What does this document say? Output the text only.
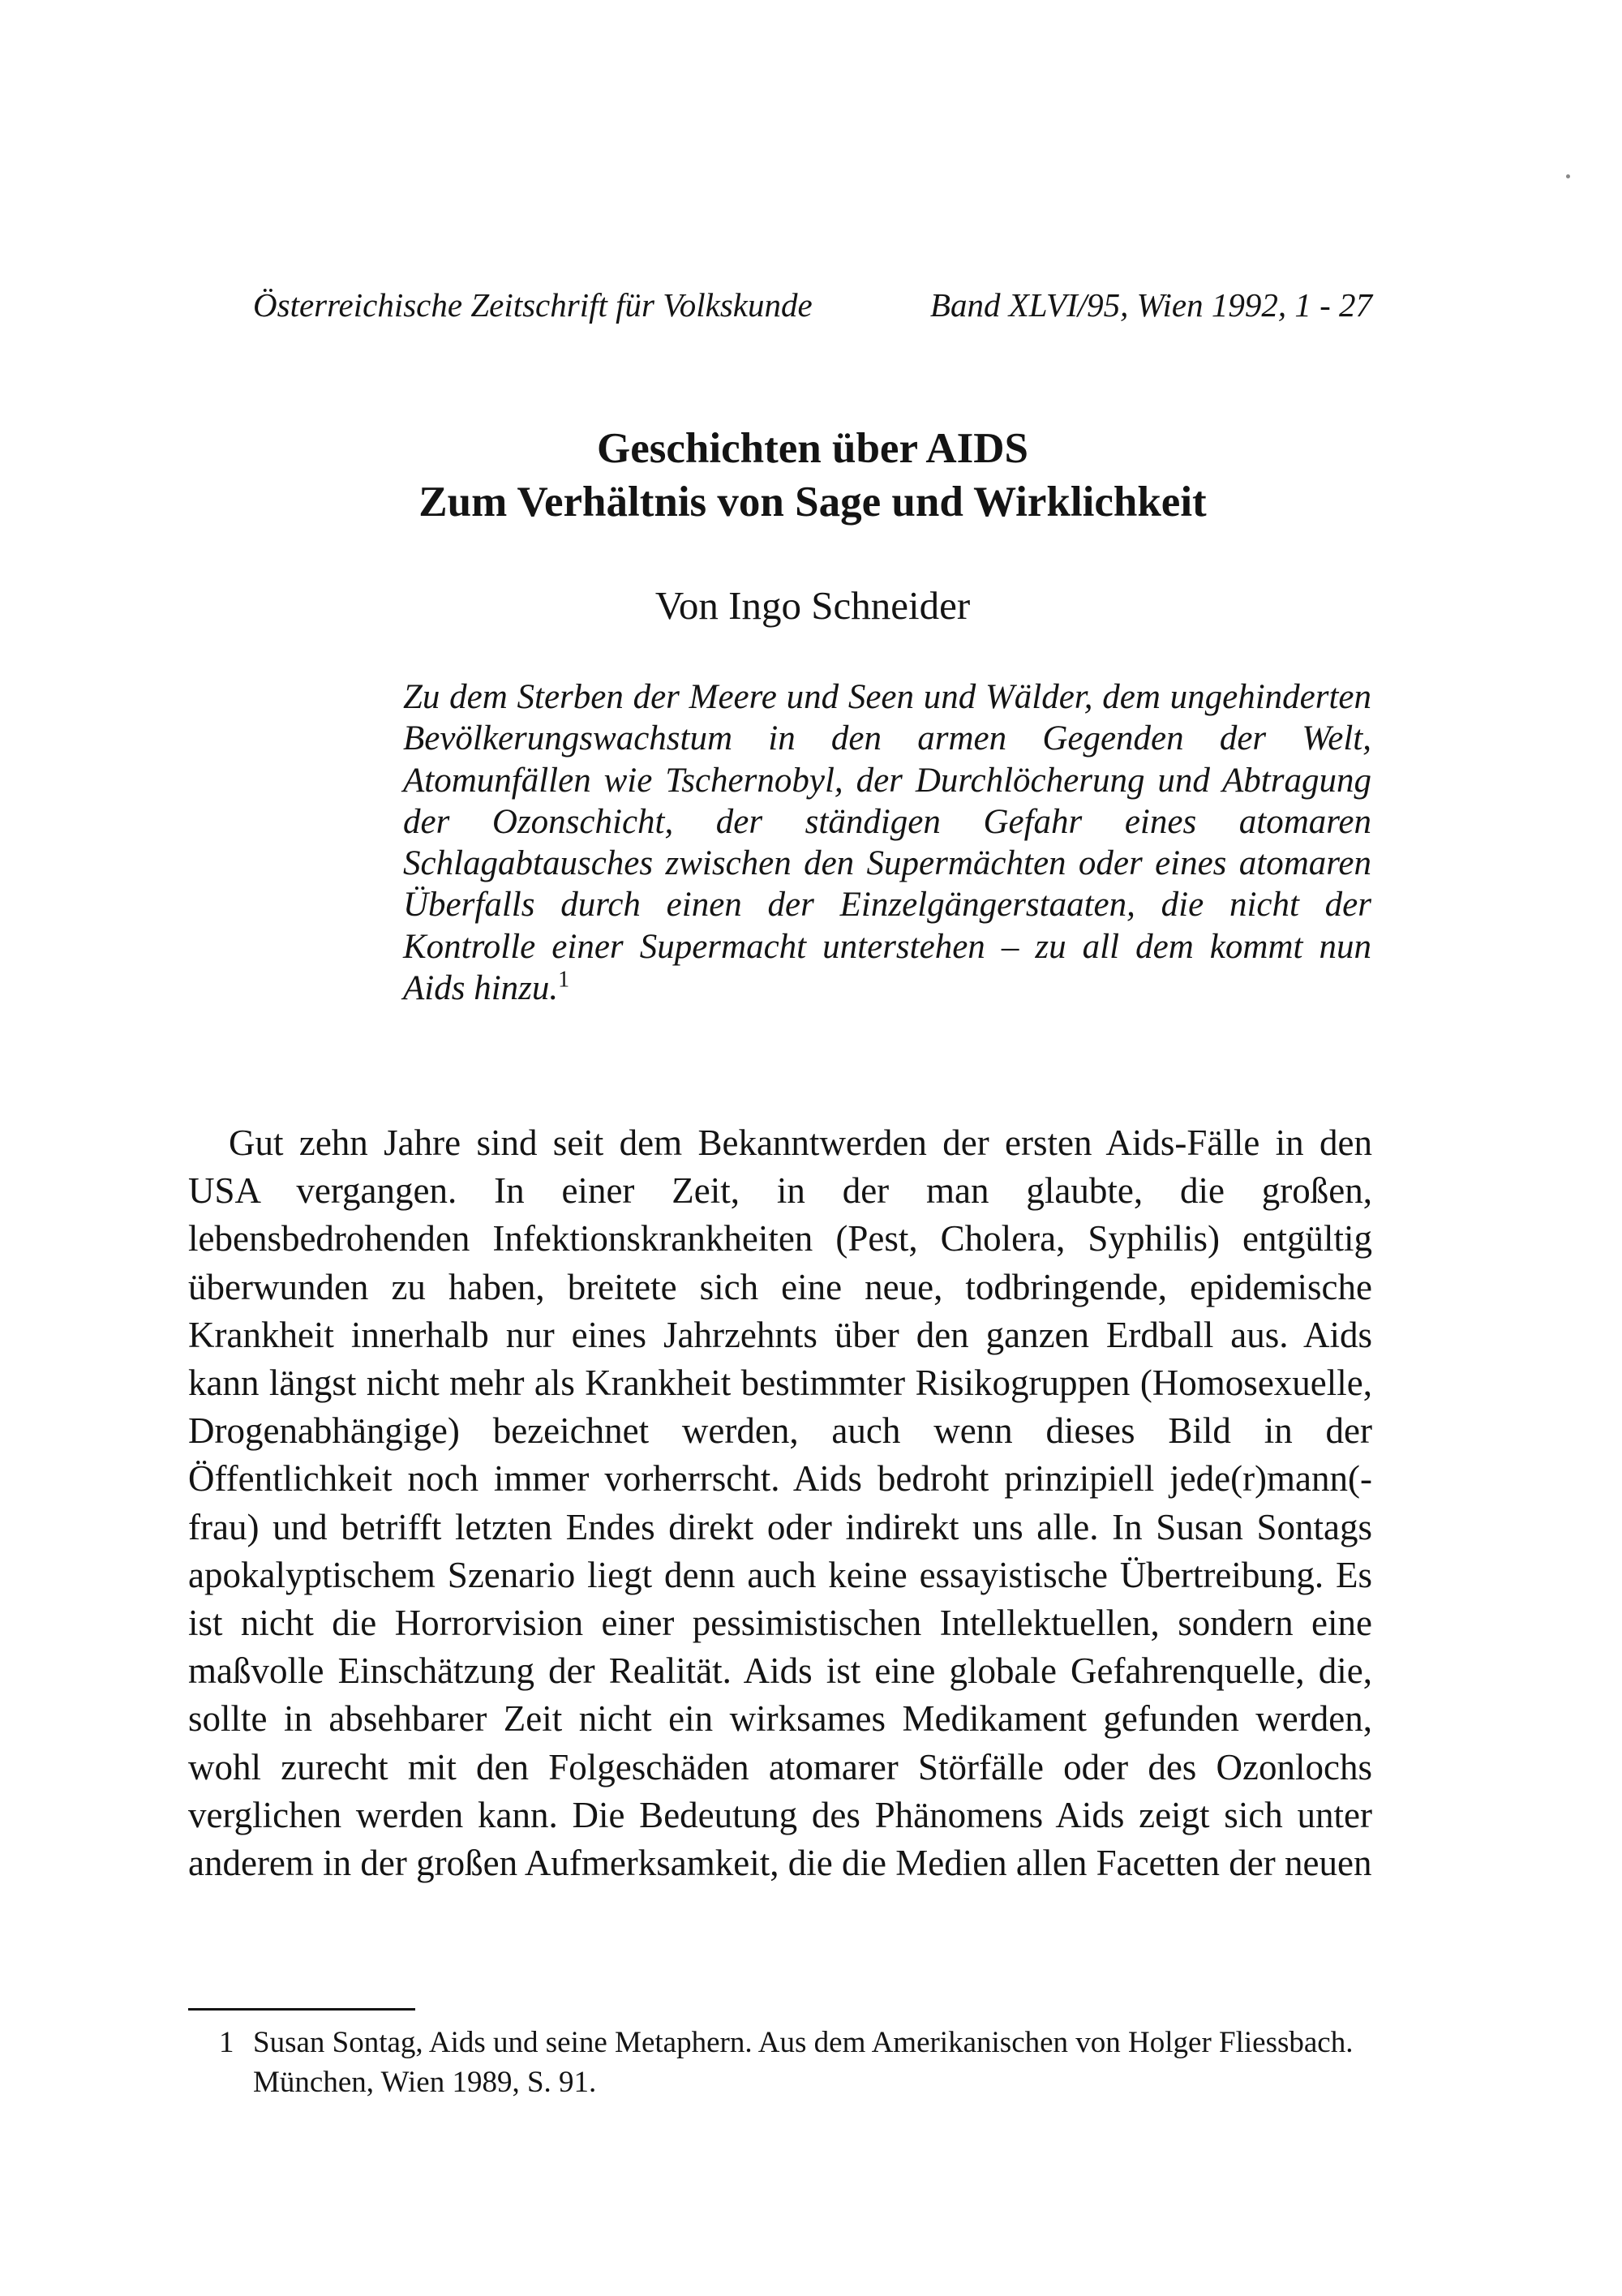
Österreichische Zeitschrift für Volkskunde	Band XLVI/95, Wien 1992, 1 - 27
Geschichten über AIDS
Zum Verhältnis von Sage und Wirklichkeit
Von Ingo Schneider
Zu dem Sterben der Meere und Seen und Wälder, dem ungehinderten Bevölkerungswachstum in den armen Gegenden der Welt, Atomunfällen wie Tschernobyl, der Durchlöcherung und Abtragung der Ozonschicht, der ständigen Gefahr eines atomaren Schlagabtausches zwischen den Supermächten oder eines atomaren Überfalls durch einen der Einzelgängerstaaten, die nicht der Kontrolle einer Supermacht unterstehen – zu all dem kommt nun Aids hinzu.$^1$
Gut zehn Jahre sind seit dem Bekanntwerden der ersten Aids-Fälle in den USA vergangen. In einer Zeit, in der man glaubte, die großen, lebensbedrohenden Infektionskrankheiten (Pest, Cholera, Syphilis) entgültig überwunden zu haben, breitete sich eine neue, todbringende, epidemische Krankheit innerhalb nur eines Jahrzehnts über den ganzen Erdball aus. Aids kann längst nicht mehr als Krankheit bestimmter Risikogruppen (Homosexuelle, Drogenabhängige) bezeichnet werden, auch wenn dieses Bild in der Öffentlichkeit noch immer vorherrscht. Aids bedroht prinzipiell jede(r)mann(-frau) und betrifft letzten Endes direkt oder indirekt uns alle. In Susan Sontags apokalyptischem Szenario liegt denn auch keine essayistische Übertreibung. Es ist nicht die Horrorvision einer pessimistischen Intellektuellen, sondern eine maßvolle Einschätzung der Realität. Aids ist eine globale Gefahrenquelle, die, sollte in absehbarer Zeit nicht ein wirksames Medikament gefunden werden, wohl zurecht mit den Folgeschäden atomarer Störfälle oder des Ozonlochs verglichen werden kann. Die Bedeutung des Phänomens Aids zeigt sich unter anderem in der großen Aufmerksamkeit, die die Medien allen Facetten der neuen
1 Susan Sontag, Aids und seine Metaphern. Aus dem Amerikanischen von Holger Fliessbach. München, Wien 1989, S. 91.
